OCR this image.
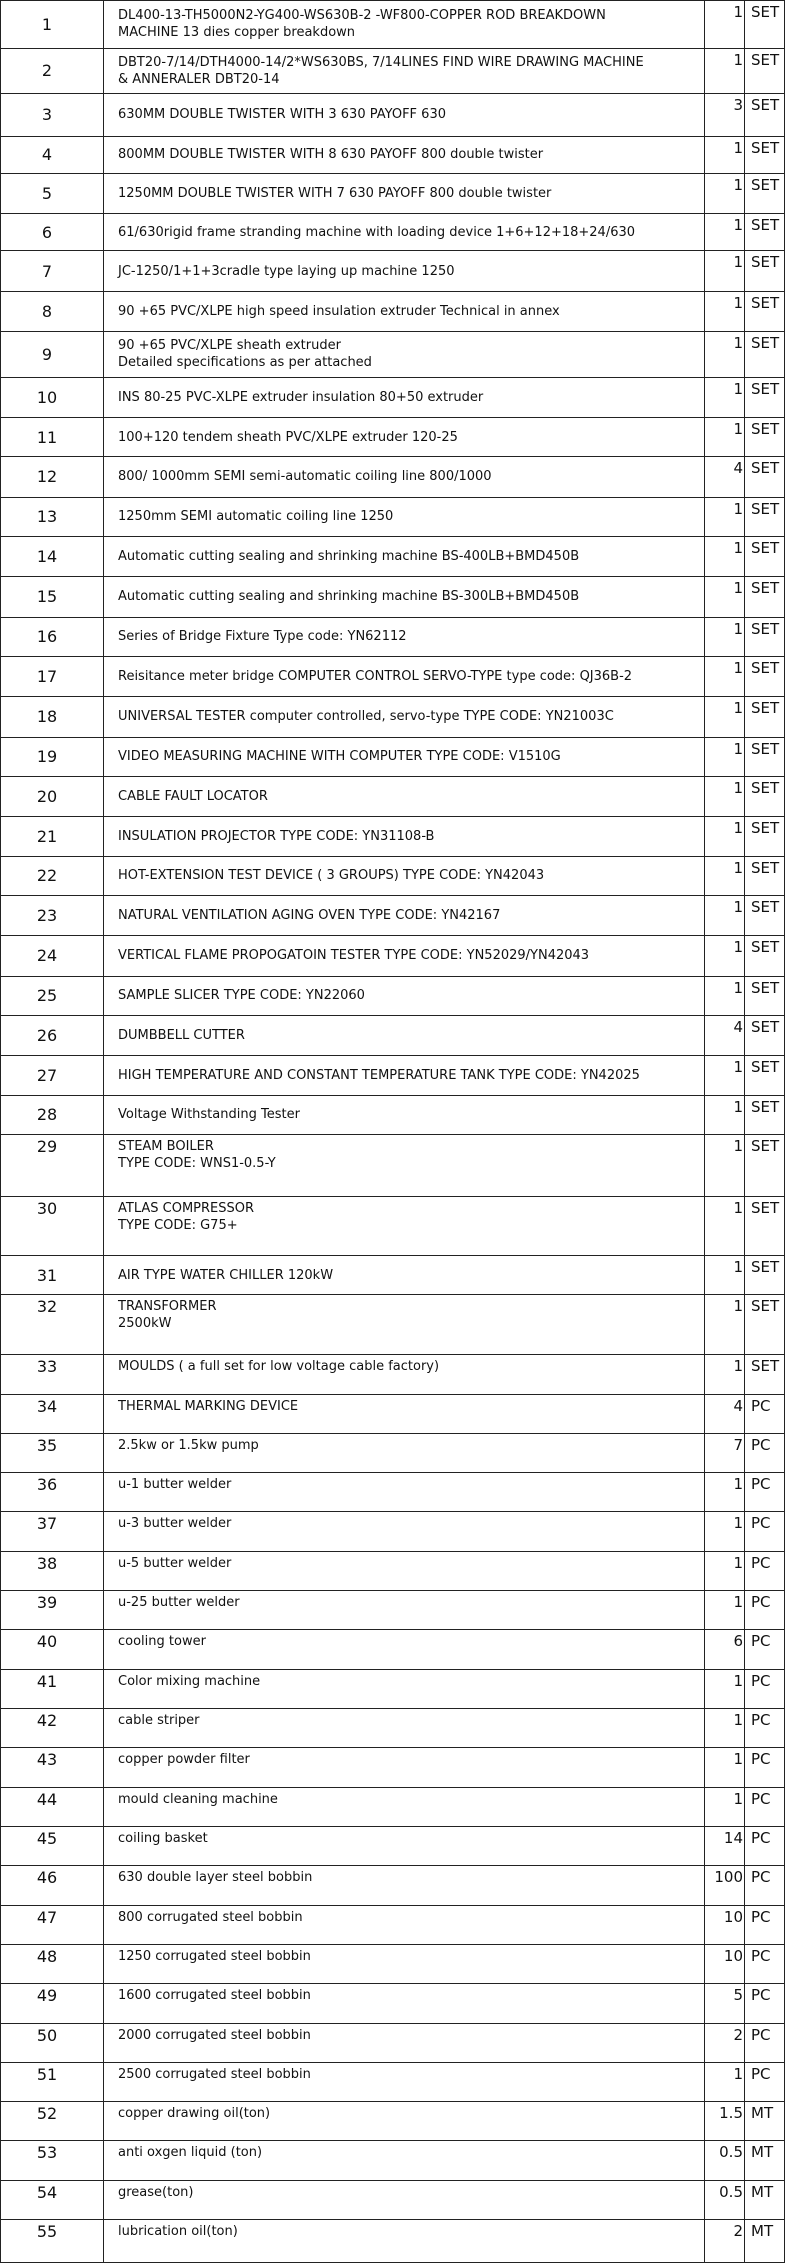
1	DL400-13-TH5000N2-YG400-WS630B-2 -WF800-COPPER ROD BREAKDOWN
MACHINE 13 dies copper breakdown	1	SET	
2	DBT20-7/14/DTH4000-14/2*WS630BS, 7/14LINES FIND WIRE DRAWING MACHINE
& ANNERALER DBT20-14	1	SET	
3	630MM DOUBLE TWISTER WITH 3 630 PAYOFF 630	3	SET	
4	800MM DOUBLE TWISTER WITH 8 630 PAYOFF 800 double twister	1	SET	
5	1250MM DOUBLE TWISTER WITH 7 630 PAYOFF 800 double twister	1	SET	
6	61/630rigid frame stranding machine with loading device 1+6+12+18+24/630	1	SET	
7	JC-1250/1+1+3cradle type laying up machine 1250	1	SET	
8	90 +65 PVC/XLPE high speed insulation extruder Technical in annex	1	SET	
9	90 +65 PVC/XLPE sheath extruder
Detailed specifications as per attached	1	SET	
10	INS 80-25 PVC-XLPE extruder insulation 80+50 extruder	1	SET	
11	100+120 tendem sheath PVC/XLPE extruder 120-25	1	SET	
12	800/ 1000mm SEMI semi-automatic coiling line 800/1000	4	SET	
13	1250mm SEMI automatic coiling line 1250	1	SET	
14	Automatic cutting sealing and shrinking machine BS-400LB+BMD450B	1	SET	
15	Automatic cutting sealing and shrinking machine BS-300LB+BMD450B	1	SET	
16	Series of Bridge Fixture Type code: YN62112	1	SET	
17	Reisitance meter bridge COMPUTER CONTROL SERVO-TYPE type code: QJ36B-2	1	SET	
18	UNIVERSAL TESTER computer controlled, servo-type TYPE CODE: YN21003C	1	SET	
19	VIDEO MEASURING MACHINE WITH COMPUTER TYPE CODE: V1510G	1	SET	
20	CABLE FAULT LOCATOR	1	SET	
21	INSULATION PROJECTOR TYPE CODE: YN31108-B	1	SET	
22	HOT-EXTENSION TEST DEVICE ( 3 GROUPS) TYPE CODE: YN42043	1	SET	
23	NATURAL VENTILATION AGING OVEN TYPE CODE: YN42167	1	SET	
24	VERTICAL FLAME PROPOGATOIN TESTER TYPE CODE: YN52029/YN42043	1	SET	
25	SAMPLE SLICER TYPE CODE: YN22060	1	SET	
26	DUMBBELL CUTTER	4	SET	
27	HIGH TEMPERATURE AND CONSTANT TEMPERATURE TANK TYPE CODE: YN42025	1	SET	
28	Voltage Withstanding Tester	1	SET	
29	STEAM BOILER
TYPE CODE: WNS1-0.5-Y	1	SET	
30	ATLAS COMPRESSOR
TYPE CODE: G75+	1	SET	
31	AIR TYPE WATER CHILLER 120kW	1	SET	
32	TRANSFORMER
2500kW	1	SET	
33	MOULDS ( a full set for low voltage cable factory)	1	SET	
34	THERMAL MARKING DEVICE	4	PC	
35	2.5kw or 1.5kw pump	7	PC	
36	u-1 butter welder	1	PC	
37	u-3 butter welder	1	PC	
38	u-5 butter welder	1	PC	
39	u-25 butter welder	1	PC	
40	cooling tower	6	PC	
41	Color mixing machine	1	PC	
42	cable striper	1	PC	
43	copper powder filter	1	PC	
44	mould cleaning machine	1	PC	
45	coiling basket	14	PC	
46	630 double layer steel bobbin	100	PC	
47	800 corrugated steel bobbin	10	PC	
48	1250 corrugated steel bobbin	10	PC	
49	1600 corrugated steel bobbin	5	PC	
50	2000 corrugated steel bobbin	2	PC	
51	2500 corrugated steel bobbin	1	PC	
52	copper drawing oil(ton)	1.5	MT	
53	anti oxgen liquid (ton)	0.5	MT	
54	grease(ton)	0.5	MT	
55	lubrication oil(ton)	2	MT	
